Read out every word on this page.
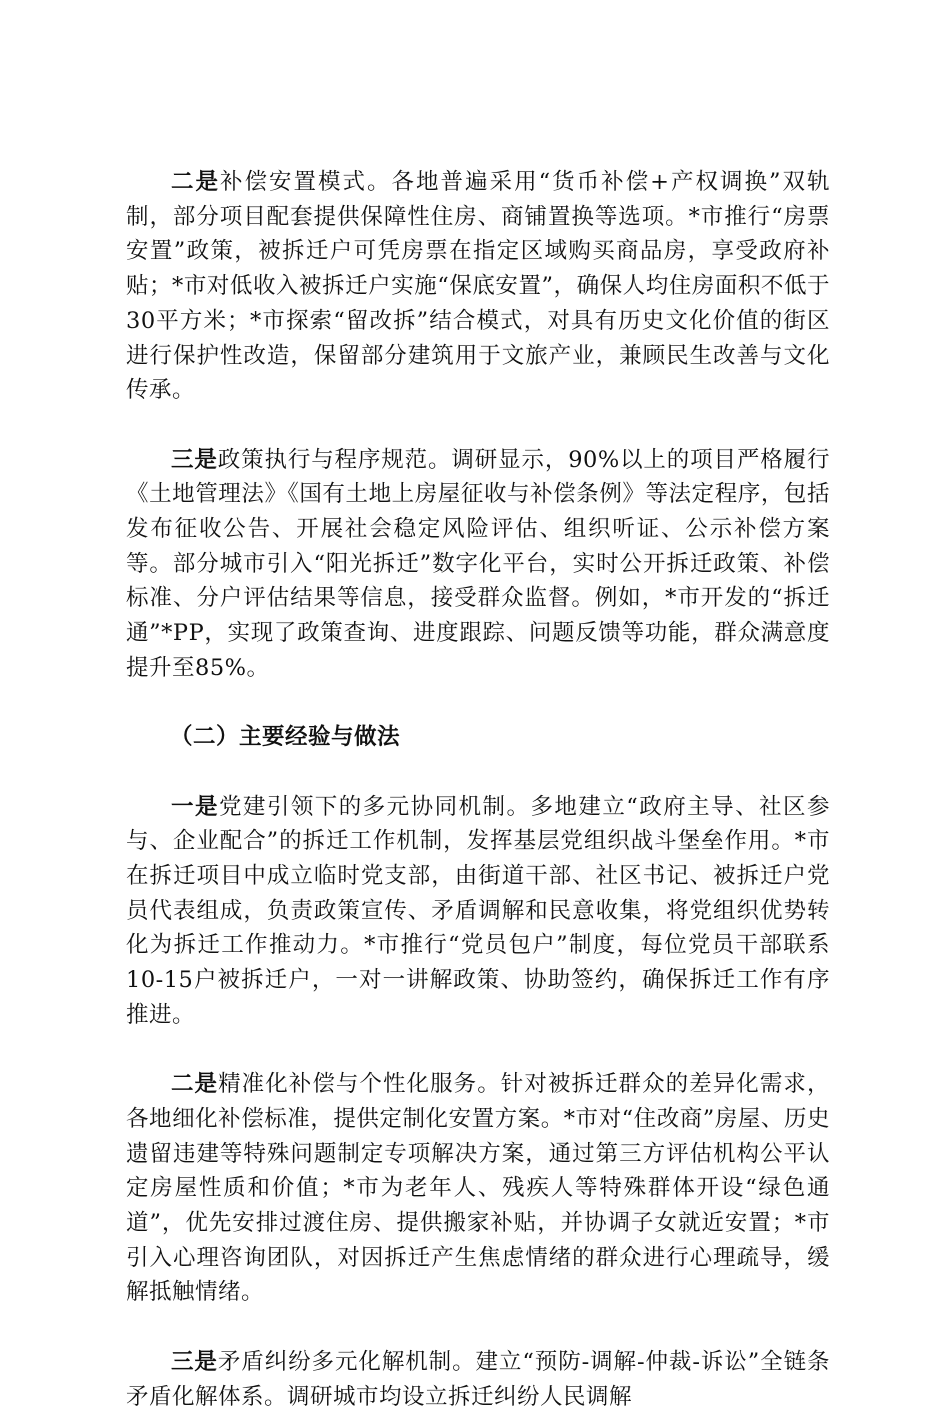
二是补偿安置模式。各地普遍采用“货币补偿+产权调换”双轨制，部分项目配套提供保障性住房、商铺置换等选项。*市推行“房票安置”政策，被拆迁户可凭房票在指定区域购买商品房，享受政府补贴；*市对低收入被拆迁户实施“保底安置”，确保人均住房面积不低于30平方米；*市探索“留改拆”结合模式，对具有历史文化价值的街区进行保护性改造，保留部分建筑用于文旅产业，兼顾民生改善与文化传承。

三是政策执行与程序规范。调研显示，90%以上的项目严格履行《土地管理法》《国有土地上房屋征收与补偿条例》等法定程序，包括发布征收公告、开展社会稳定风险评估、组织听证、公示补偿方案等。部分城市引入“阳光拆迁”数字化平台，实时公开拆迁政策、补偿标准、分户评估结果等信息，接受群众监督。例如，*市开发的“拆迁通”*PP，实现了政策查询、进度跟踪、问题反馈等功能，群众满意度提升至85%。

（二）主要经验与做法

一是党建引领下的多元协同机制。多地建立“政府主导、社区参与、企业配合”的拆迁工作机制，发挥基层党组织战斗堡垒作用。*市在拆迁项目中成立临时党支部，由街道干部、社区书记、被拆迁户党员代表组成，负责政策宣传、矛盾调解和民意收集，将党组织优势转化为拆迁工作推动力。*市推行“党员包户”制度，每位党员干部联系10-15户被拆迁户，一对一讲解政策、协助签约，确保拆迁工作有序推进。

二是精准化补偿与个性化服务。针对被拆迁群众的差异化需求，各地细化补偿标准，提供定制化安置方案。*市对“住改商”房屋、历史遗留违建等特殊问题制定专项解决方案，通过第三方评估机构公平认定房屋性质和价值；*市为老年人、残疾人等特殊群体开设“绿色通道”，优先安排过渡住房、提供搬家补贴，并协调子女就近安置；*市引入心理咨询团队，对因拆迁产生焦虑情绪的群众进行心理疏导，缓解抵触情绪。

三是矛盾纠纷多元化解机制。建立“预防-调解-仲裁-诉讼”全链条矛盾化解体系。调研城市均设立拆迁纠纷人民调解
